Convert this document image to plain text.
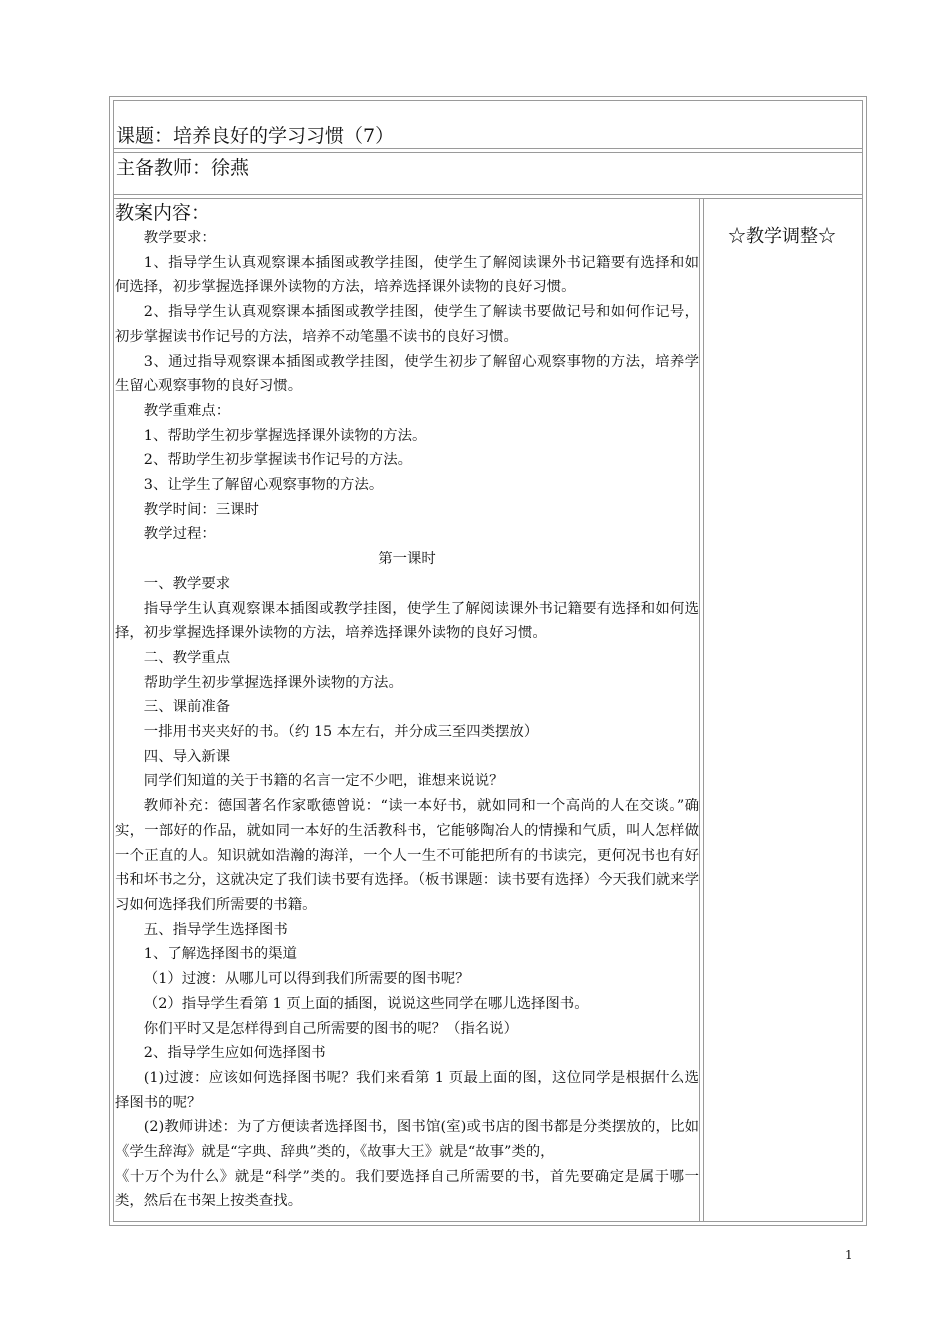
课题：培养良好的学习习惯（7）
主备教师：徐燕
教案内容：

教学要求：

1、指导学生认真观察课本插图或教学挂图，使学生了解阅读课外书记籍要有选择和如何选择，初步掌握选择课外读物的方法，培养选择课外读物的良好习惯。

2、指导学生认真观察课本插图或教学挂图，使学生了解读书要做记号和如何作记号，初步掌握读书作记号的方法，培养不动笔墨不读书的良好习惯。

3、通过指导观察课本插图或教学挂图，使学生初步了解留心观察事物的方法，培养学生留心观察事物的良好习惯。

教学重难点：

1、帮助学生初步掌握选择课外读物的方法。

2、帮助学生初步掌握读书作记号的方法。

3、让学生了解留心观察事物的方法。

教学时间：三课时

教学过程：

第一课时

一、教学要求

指导学生认真观察课本插图或教学挂图，使学生了解阅读课外书记籍要有选择和如何选择，初步掌握选择课外读物的方法，培养选择课外读物的良好习惯。

二、教学重点

帮助学生初步掌握选择课外读物的方法。

三、课前准备

一排用书夹夹好的书。（约 15 本左右，并分成三至四类摆放）

四、导入新课

同学们知道的关于书籍的名言一定不少吧，谁想来说说？

教师补充：德国著名作家歌德曾说：“读一本好书，就如同和一个高尚的人在交谈。”确实，一部好的作品，就如同一本好的生活教科书，它能够陶冶人的情操和气质，叫人怎样做一个正直的人。知识就如浩瀚的海洋，一个人一生不可能把所有的书读完，更何况书也有好书和坏书之分，这就决定了我们读书要有选择。（板书课题：读书要有选择）今天我们就来学习如何选择我们所需要的书籍。

五、指导学生选择图书

1、了解选择图书的渠道

（1）过渡：从哪儿可以得到我们所需要的图书呢？

（2）指导学生看第 1 页上面的插图，说说这些同学在哪儿选择图书。

你们平时又是怎样得到自己所需要的图书的呢？（指名说）

2、指导学生应如何选择图书

(1)过渡：应该如何选择图书呢？我们来看第 1 页最上面的图，这位同学是根据什么选择图书的呢？

(2)教师讲述：为了方便读者选择图书，图书馆(室)或书店的图书都是分类摆放的，比如《学生辞海》就是“字典、辞典”类的，《故事大王》就是“故事”类的，

《十万个为什么》就是“科学”类的。我们要选择自己所需要的书，首先要确定是属于哪一类，然后在书架上按类查找。

☆教学调整☆
1
